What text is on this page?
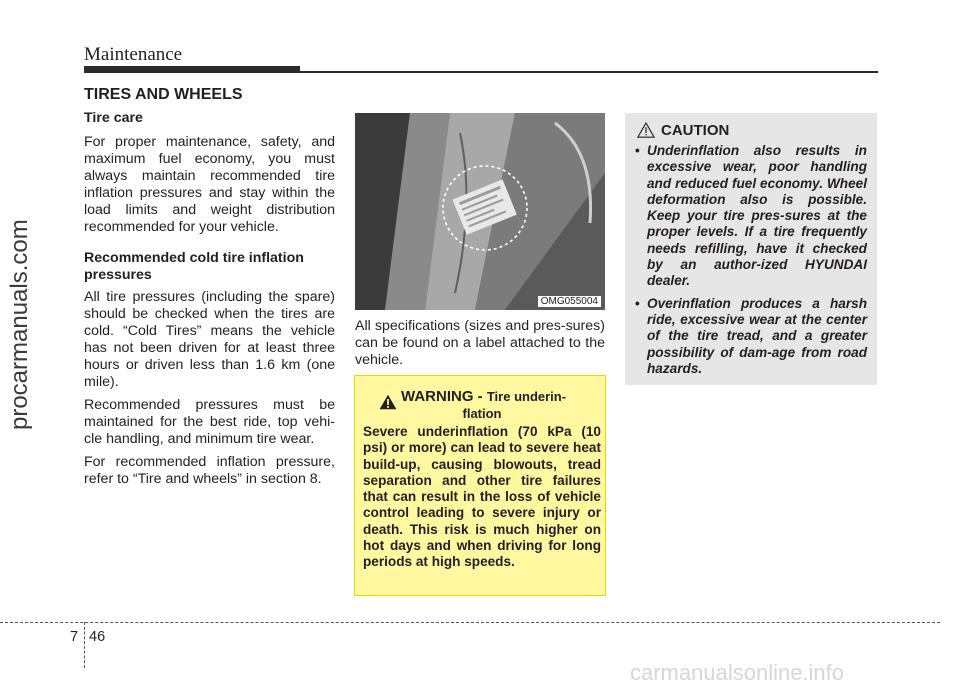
Maintenance
procarmanuals.com
carmanualsonline.info
TIRES AND WHEELS
Tire care

For proper maintenance, safety, and maximum fuel economy, you must always maintain recommended tire inflation pressures and stay within the load limits and weight distribution recommended for your vehicle.

Recommended cold tire inflation pressures

All tire pressures (including the spare) should be checked when the tires are cold. “Cold Tires” means the vehicle has not been driven for at least three hours or driven less than 1.6 km (one mile).

Recommended pressures must be maintained for the best ride, top vehi-cle handling, and minimum tire wear.

For recommended inflation pressure, refer to “Tire and wheels” in section 8.

OMG055004

All specifications (sizes and pres-sures) can be found on a label attached to the vehicle.

WARNING - Tire underin-
flation
Severe underinflation (70 kPa (10 psi) or more) can lead to severe heat build-up, causing blowouts, tread separation and other tire failures that can result in the loss of vehicle control leading to severe injury or death. This risk is much higher on hot days and when driving for long periods at high speeds.
CAUTION
• Underinflation also results in excessive wear, poor handling and reduced fuel economy. Wheel deformation also is possible. Keep your tire pres-sures at the proper levels. If a tire frequently needs refilling, have it checked by an author-ized HYUNDAI dealer.
• Overinflation produces a harsh ride, excessive wear at the center of the tire tread, and a greater possibility of dam-age from road hazards.
7 46
